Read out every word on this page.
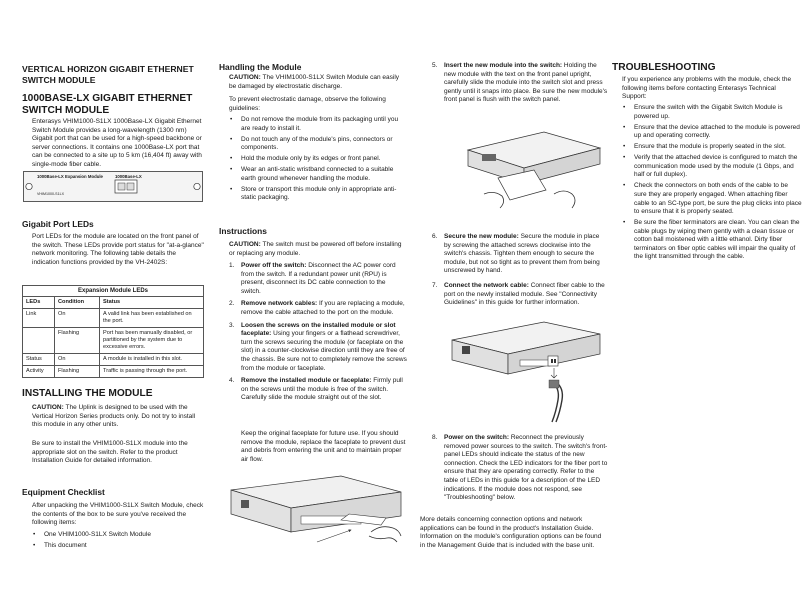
VERTICAL HORIZON GIGABIT ETHERNET SWITCH MODULE
1000BASE-LX GIGABIT ETHERNET SWITCH MODULE

Enterasys VHIM1000-S1LX 1000Base-LX Gigabit Ethernet Switch Module provides a long-wavelength (1300 nm) Gigabit port that can be used for a high-speed backbone or server connections. It contains one 1000Base-LX port that can be connected to a site up to 5 km (16,404 ft) away with single-mode fiber cable.

1000Base-LX Expansion Module	1000Base-LX
VHIM1000-S1LX
Gigabit Port LEDs

Port LEDs for the module are located on the front panel of the switch. These LEDs provide port status for "at-a-glance" network monitoring. The following table details the indication functions provided by the VH-2402S:

Expansion Module LEDs
LEDs	Condition	Status
Link	On	A valid link has been established on the port.
	Flashing	Port has been manually disabled, or partitioned by the system due to excessive errors.
Status	On	A module is installed in this slot.
Activity	Flashing	Traffic is passing through the port.
INSTALLING THE MODULE

CAUTION: The Uplink is designed to be used with the Vertical Horizon Series products only. Do not try to install this module in any other units.

Be sure to install the VHIM1000-S1LX module into the appropriate slot on the switch. Refer to the product Installation Guide for detailed information.

Equipment Checklist

After unpacking the VHIM1000-S1LX Switch Module, check the contents of the box to be sure you've received the following items:

• One VHIM1000-S1LX Switch Module
• This document
Handling the Module

CAUTION: The VHIM1000-S1LX Switch Module can easily be damaged by electrostatic discharge.

To prevent electrostatic damage, observe the following guidelines:

• Do not remove the module from its packaging until you are ready to install it.
• Do not touch any of the module's pins, connectors or components.
• Hold the module only by its edges or front panel.
• Wear an anti-static wristband connected to a suitable earth ground whenever handling the module.
• Store or transport this module only in appropriate anti-static packaging.
Instructions

CAUTION: The switch must be powered off before installing or replacing any module.

1. Power off the switch: Disconnect the AC power cord from the switch. If a redundant power unit (RPU) is present, disconnect its DC cable connection to the switch.
2. Remove network cables: If you are replacing a module, remove the cable attached to the port on the module.
3. Loosen the screws on the installed module or slot faceplate: Using your fingers or a flathead screwdriver, turn the screws securing the module (or faceplate on the slot) in a counter-clockwise direction until they are free of the chassis. Be sure not to completely remove the screws from the module or faceplate.
4. Remove the installed module or faceplate: Firmly pull on the screws until the module is free of the switch. Carefully slide the module straight out of the slot.

Keep the original faceplate for future use. If you should remove the module, replace the faceplate to prevent dust and debris from entering the unit and to maintain proper air flow.

5. Insert the new module into the switch: Holding the new module with the text on the front panel upright, carefully slide the module into the switch slot and press gently until it snaps into place. Be sure the new module's front panel is flush with the switch panel.
6. Secure the new module: Secure the module in place by screwing the attached screws clockwise into the switch's chassis. Tighten them enough to secure the module, but not so tight as to prevent them from being unscrewed by hand.
7. Connect the network cable: Connect fiber cable to the port on the newly installed module. See "Connectivity Guidelines" in this guide for further information.
8. Power on the switch: Reconnect the previously removed power sources to the switch. The switch's front-panel LEDs should indicate the status of the new connection. Check the LED indicators for the fiber port to ensure that they are operating correctly. Refer to the table of LEDs in this guide for a description of the LED indications. If the module does not respond, see "Troubleshooting" below.

More details concerning connection options and network applications can be found in the product's Installation Guide. Information on the module's configuration options can be found in the Management Guide that is included with the base unit.

TROUBLESHOOTING

If you experience any problems with the module, check the following items before contacting Enterasys Technical Support:

• Ensure the switch with the Gigabit Switch Module is powered up.
• Ensure that the device attached to the module is powered up and operating correctly.
• Ensure that the module is properly seated in the slot.
• Verify that the attached device is configured to match the communication mode used by the module (1 Gbps, and half or full duplex).
• Check the connectors on both ends of the cable to be sure they are properly engaged. When attaching fiber cable to an SC-type port, be sure the plug clicks into place to ensure that it is properly seated.
• Be sure the fiber terminators are clean. You can clean the cable plugs by wiping them gently with a clean tissue or cotton ball moistened with a little ethanol. Dirty fiber terminators on fiber optic cables will impair the quality of the light transmitted through the cable.
